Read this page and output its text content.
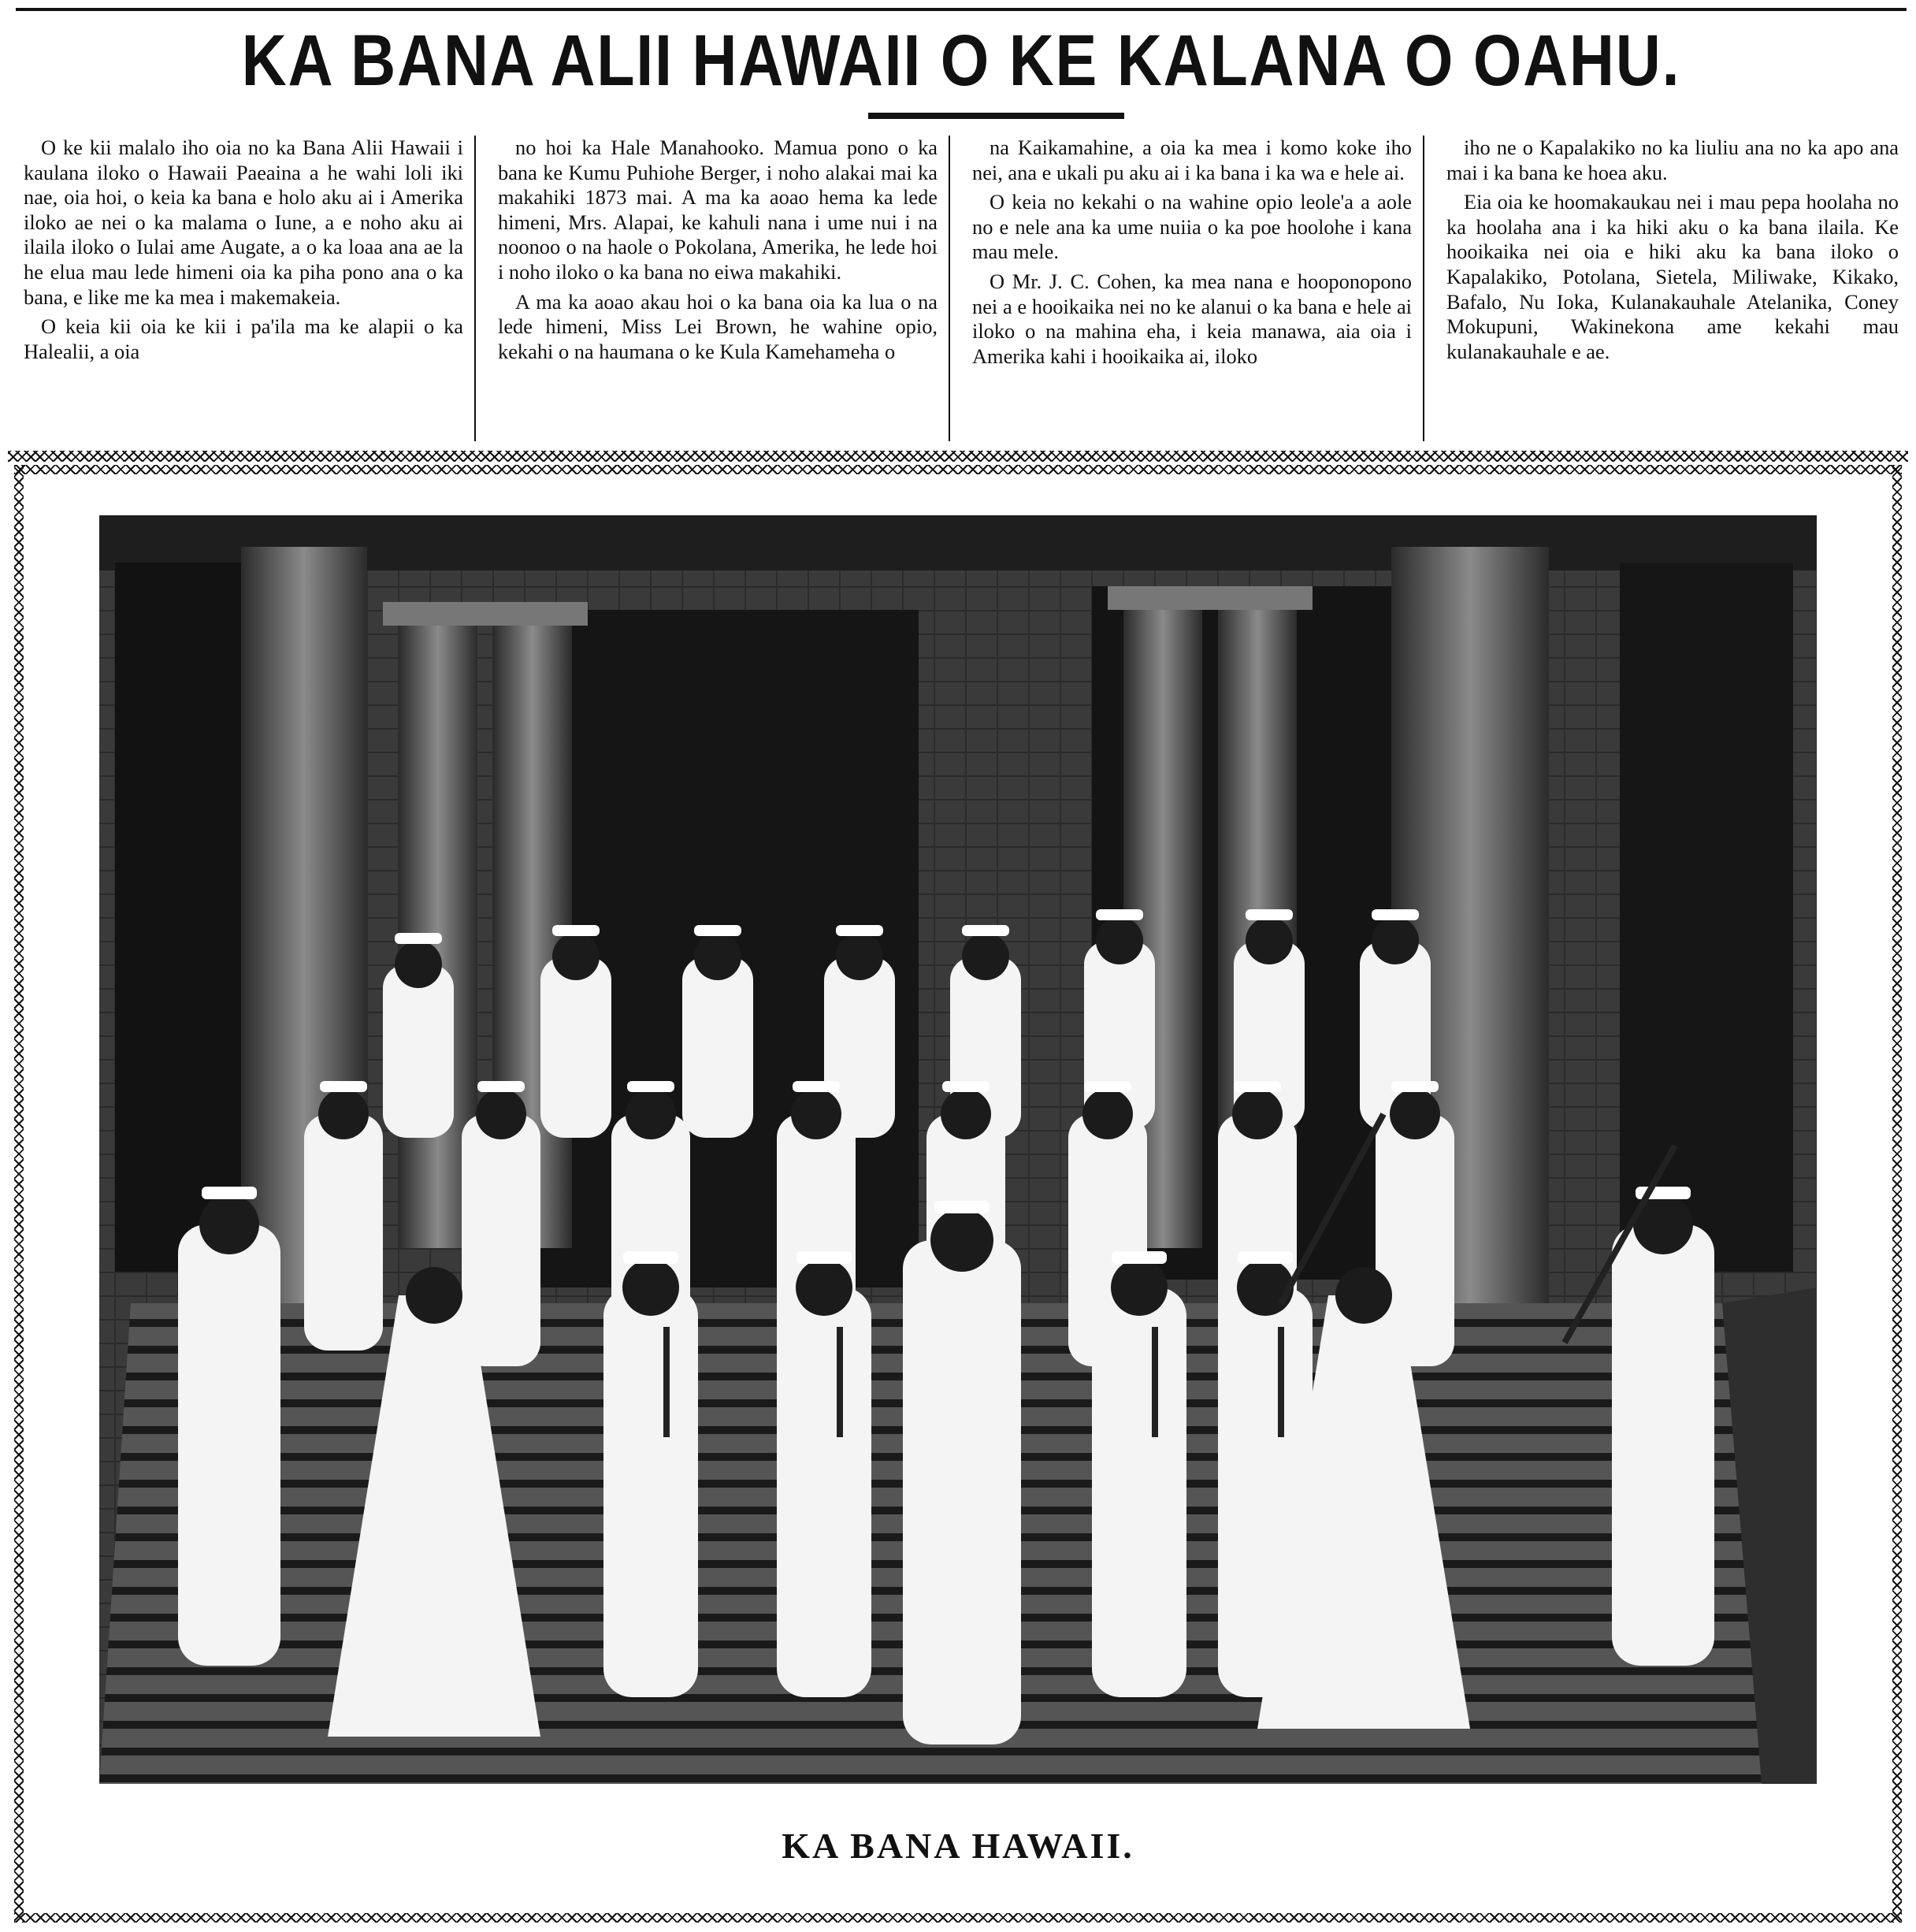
KA BANA ALII HAWAII O KE KALANA O OAHU.

O ke kii malalo iho oia no ka Bana Alii Hawaii i kaulana iloko o Hawaii Paeaina a he wahi loli iki nae, oia hoi, o keia ka bana e holo aku ai i Amerika iloko ae nei o ka malama o Iune, a e noho aku ai ilaila iloko o Iulai ame Augate, a o ka loaa ana ae la he elua mau lede himeni oia ka piha pono ana o ka bana, e like me ka mea i makemakeia.

O keia kii oia ke kii i pa'ila ma ke alapii o ka Halealii, a oia

no hoi ka Hale Manahooko. Mamua pono o ka bana ke Kumu Puhiohe Berger, i noho alakai mai ka makahiki 1873 mai. A ma ka aoao hema ka lede himeni, Mrs. Alapai, ke kahuli nana i ume nui i na noonoo o na haole o Pokolana, Amerika, he lede hoi i noho iloko o ka bana no eiwa makahiki.

A ma ka aoao akau hoi o ka bana oia ka lua o na lede himeni, Miss Lei Brown, he wahine opio, kekahi o na haumana o ke Kula Kamehameha o

na Kaikamahine, a oia ka mea i komo koke iho nei, ana e ukali pu aku ai i ka bana i ka wa e hele ai.

O keia no kekahi o na wahine opio leole'a a aole no e nele ana ka ume nuiia o ka poe hoolohe i kana mau mele.

O Mr. J. C. Cohen, ka mea nana e hooponopono nei a e hooikaika nei no ke alanui o ka bana e hele ai iloko o na mahina eha, i keia manawa, aia oia i Amerika kahi i hooikaika ai, iloko

iho ne o Kapalakiko no ka liuliu ana no ka apo ana mai i ka bana ke hoea aku.

Eia oia ke hoomakaukau nei i mau pepa hoolaha no ka hoolaha ana i ka hiki aku o ka bana ilaila. Ke hooikaika nei oia e hiki aku ka bana iloko o Kapalakiko, Potolana, Sietela, Miliwake, Kikako, Bafalo, Nu Ioka, Kulanakauhale Atelanika, Coney Mokupuni, Wakinekona ame kekahi mau kulanakauhale e ae.

KA BANA HAWAII.
